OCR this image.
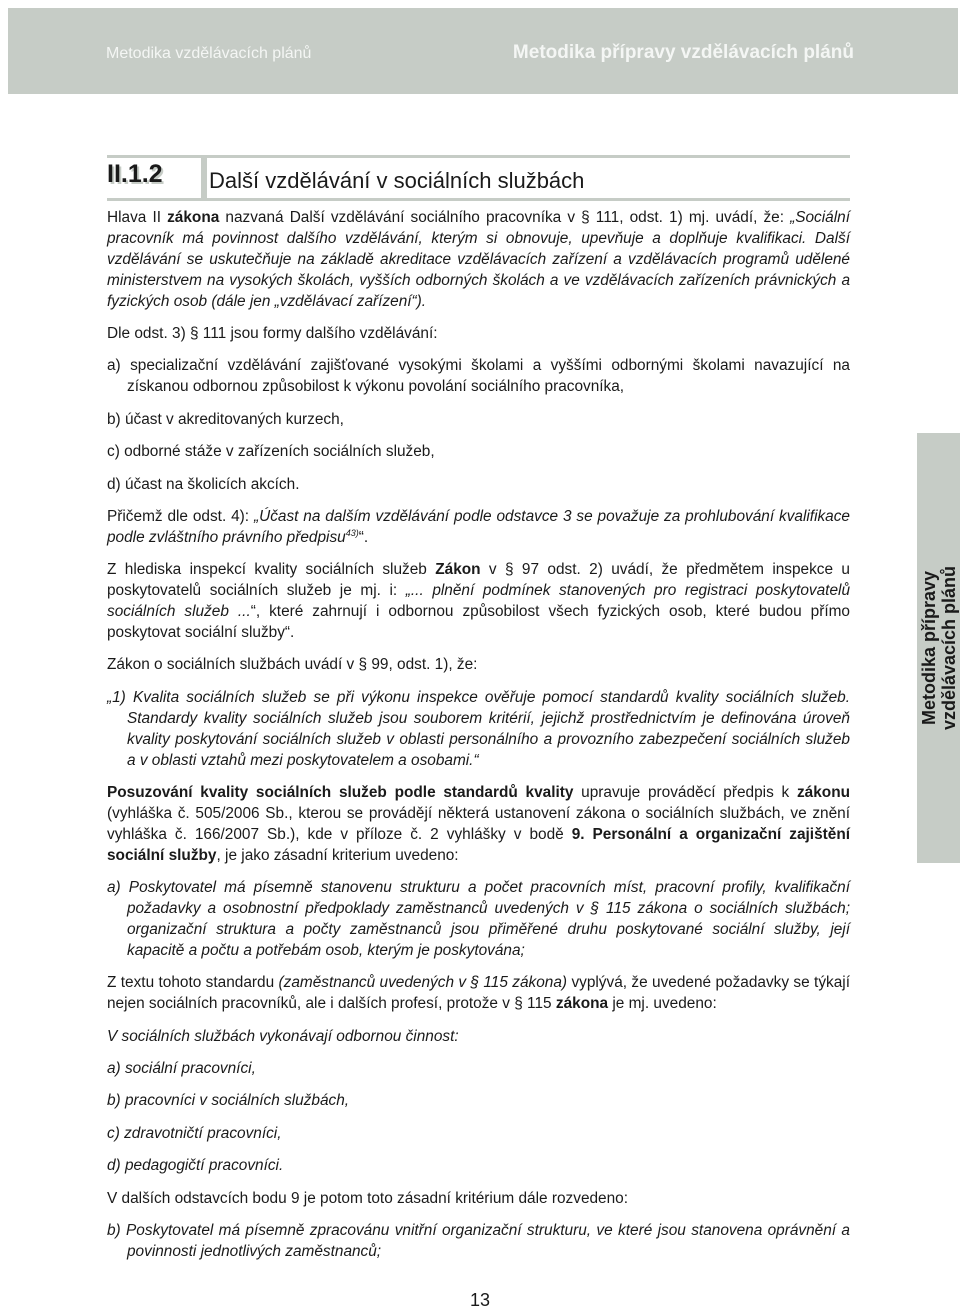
Metodika vzdělávacích plánů	Metodika přípravy vzdělávacích plánů
II.1.2	Další vzdělávání v sociálních službách

Hlava II zákona nazvaná Další vzdělávání sociálního pracovníka v § 111, odst. 1) mj. uvádí, že: „Sociální pracovník má povinnost dalšího vzdělávání, kterým si obnovuje, upevňuje a doplňuje kvalifikaci. Další vzdělávání se uskutečňuje na základě akreditace vzdělávacích zařízení a vzdělávacích programů udělené ministerstvem na vysokých školách, vyšších odborných školách a ve vzdělávacích zařízeních právnických a fyzických osob (dále jen „vzdělávací zařízení“).

Dle odst. 3) § 111 jsou formy dalšího vzdělávání:

a) specializační vzdělávání zajišťované vysokými školami a vyššími odbornými školami navazující na získanou odbornou způsobilost k výkonu povolání sociálního pracovníka,

b) účast v akreditovaných kurzech,

c) odborné stáže v zařízeních sociálních služeb,

d) účast na školicích akcích.

Přičemž dle odst. 4): „Účast na dalším vzdělávání podle odstavce 3 se považuje za prohlubování kvalifikace podle zvláštního právního předpisu$^{43)}$“.

Z hlediska inspekcí kvality sociálních služeb Zákon v § 97 odst. 2) uvádí, že předmětem inspekce u poskytovatelů sociálních služeb je mj. i: „... plnění podmínek stanovených pro registraci poskytovatelů sociálních služeb ...“, které zahrnují i odbornou způsobilost všech fyzických osob, které budou přímo poskytovat sociální služby“.

Zákon o sociálních službách uvádí v § 99, odst. 1), že:

„1) Kvalita sociálních služeb se při výkonu inspekce ověřuje pomocí standardů kvality sociálních služeb. Standardy kvality sociálních služeb jsou souborem kritérií, jejichž prostřednictvím je definována úroveň kvality poskytování sociálních služeb v oblasti personálního a provozního zabezpečení sociálních služeb a v oblasti vztahů mezi poskytovatelem a osobami.“

Posuzování kvality sociálních služeb podle standardů kvality upravuje prováděcí předpis k zákonu (vyhláška č. 505/2006 Sb., kterou se provádějí některá ustanovení zákona o sociálních službách, ve znění vyhláška č. 166/2007 Sb.), kde v příloze č. 2 vyhlášky v bodě 9. Personální a organizační zajištění sociální služby, je jako zásadní kriterium uvedeno:

a) Poskytovatel má písemně stanovenu strukturu a počet pracovních míst, pracovní profily, kvalifikační požadavky a osobnostní předpoklady zaměstnanců uvedených v § 115 zákona o sociálních službách; organizační struktura a počty zaměstnanců jsou přiměřené druhu poskytované sociální služby, její kapacitě a počtu a potřebám osob, kterým je poskytována;

Z textu tohoto standardu (zaměstnanců uvedených v § 115 zákona) vyplývá, že uvedené požadavky se týkají nejen sociálních pracovníků, ale i dalších profesí, protože v § 115 zákona je mj. uvedeno:

V sociálních službách vykonávají odbornou činnost:

a) sociální pracovníci,

b) pracovníci v sociálních službách,

c) zdravotničtí pracovníci,

d) pedagogičtí pracovníci.

V dalších odstavcích bodu 9 je potom toto zásadní kritérium dále rozvedeno:

b) Poskytovatel má písemně zpracovánu vnitřní organizační strukturu, ve které jsou stanovena oprávnění a povinnosti jednotlivých zaměstnanců;

Metodika přípravy vzdělávacích plánů
13
